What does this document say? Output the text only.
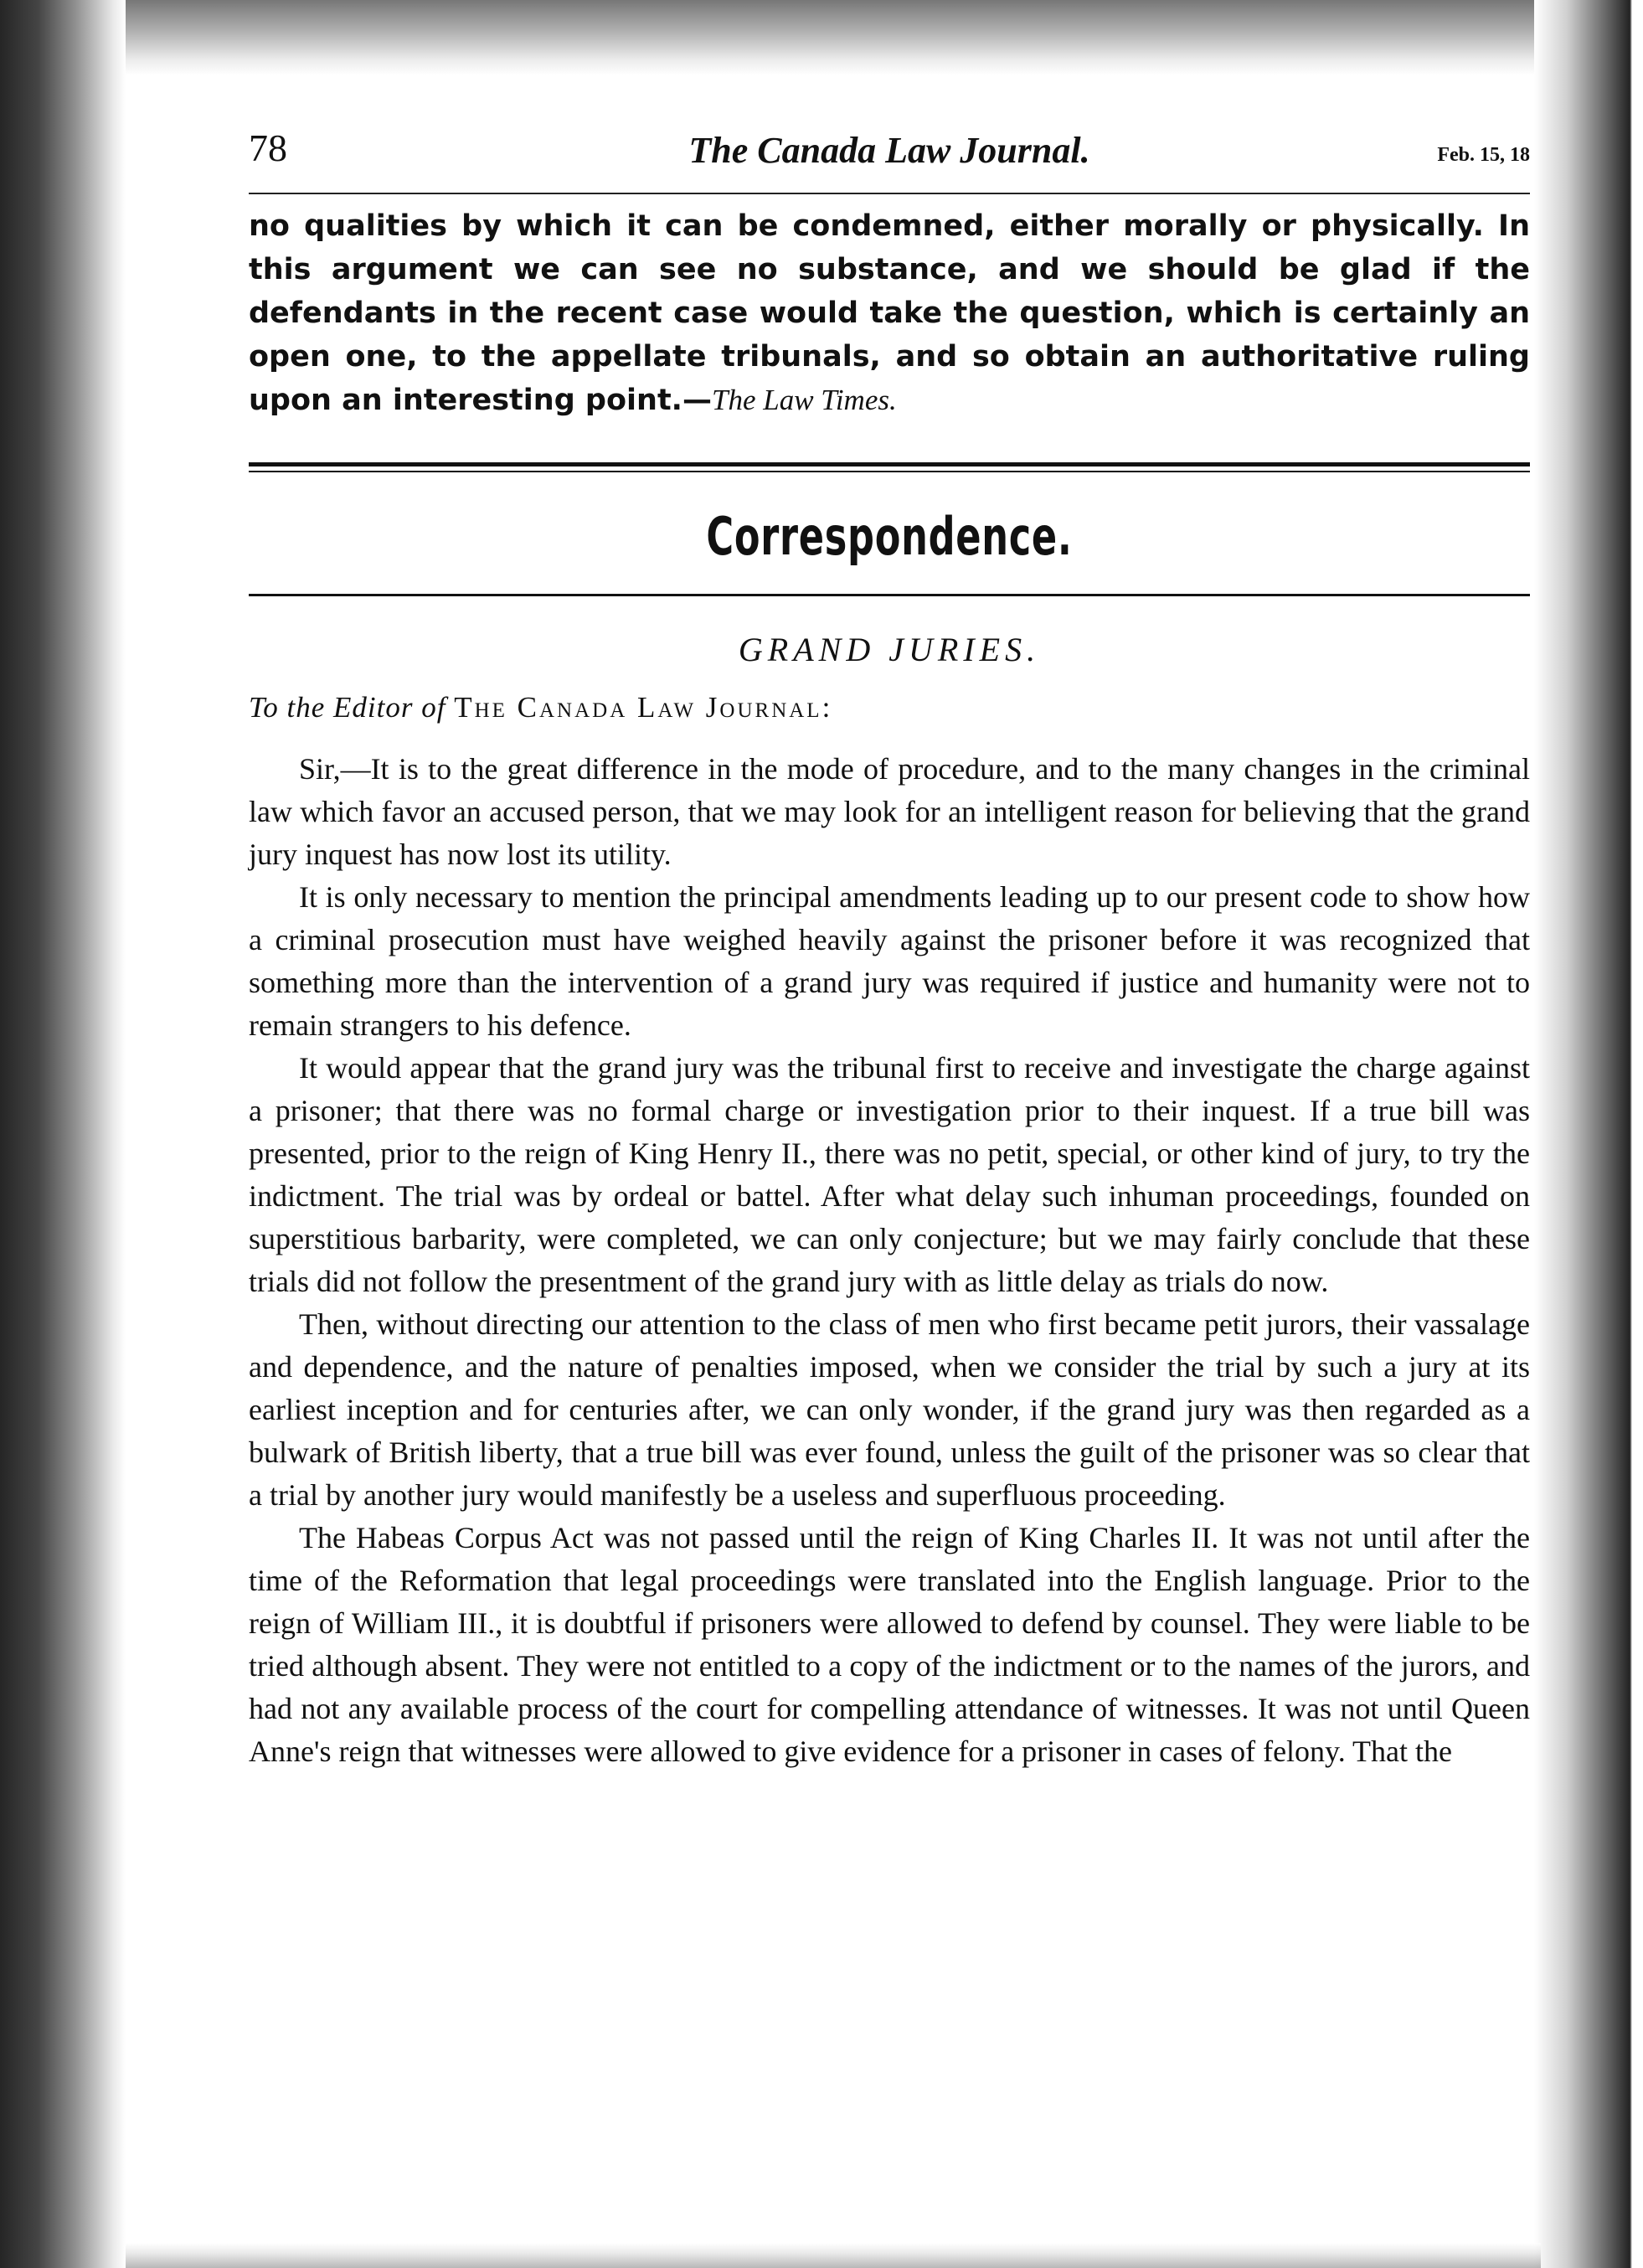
78	The Canada Law Journal.	Feb. 15, 18
no qualities by which it can be condemned, either morally or physically. In this argument we can see no substance, and we should be glad if the defendants in the recent case would take the question, which is certainly an open one, to the appellate tribunals, and so obtain an authoritative ruling upon an interesting point.—The Law Times.
Correspondence.
GRAND JURIES.
To the Editor of The Canada Law Journal:

Sir,—It is to the great difference in the mode of procedure, and to the many changes in the criminal law which favor an accused person, that we may look for an intelligent reason for believing that the grand jury inquest has now lost its utility.

It is only necessary to mention the principal amendments leading up to our present code to show how a criminal prosecution must have weighed heavily against the prisoner before it was recognized that something more than the intervention of a grand jury was required if justice and humanity were not to remain strangers to his defence.

It would appear that the grand jury was the tribunal first to receive and investigate the charge against a prisoner; that there was no formal charge or investigation prior to their inquest. If a true bill was presented, prior to the reign of King Henry II., there was no petit, special, or other kind of jury, to try the indictment. The trial was by ordeal or battel. After what delay such inhuman proceedings, founded on superstitious barbarity, were completed, we can only conjecture; but we may fairly conclude that these trials did not follow the presentment of the grand jury with as little delay as trials do now.

Then, without directing our attention to the class of men who first became petit jurors, their vassalage and dependence, and the nature of penalties imposed, when we consider the trial by such a jury at its earliest inception and for centuries after, we can only wonder, if the grand jury was then regarded as a bulwark of British liberty, that a true bill was ever found, unless the guilt of the prisoner was so clear that a trial by another jury would manifestly be a useless and superfluous proceeding.

The Habeas Corpus Act was not passed until the reign of King Charles II. It was not until after the time of the Reformation that legal proceedings were translated into the English language. Prior to the reign of William III., it is doubtful if prisoners were allowed to defend by counsel. They were liable to be tried although absent. They were not entitled to a copy of the indictment or to the names of the jurors, and had not any available process of the court for compelling attendance of witnesses. It was not until Queen Anne's reign that witnesses were allowed to give evidence for a prisoner in cases of felony. That the
